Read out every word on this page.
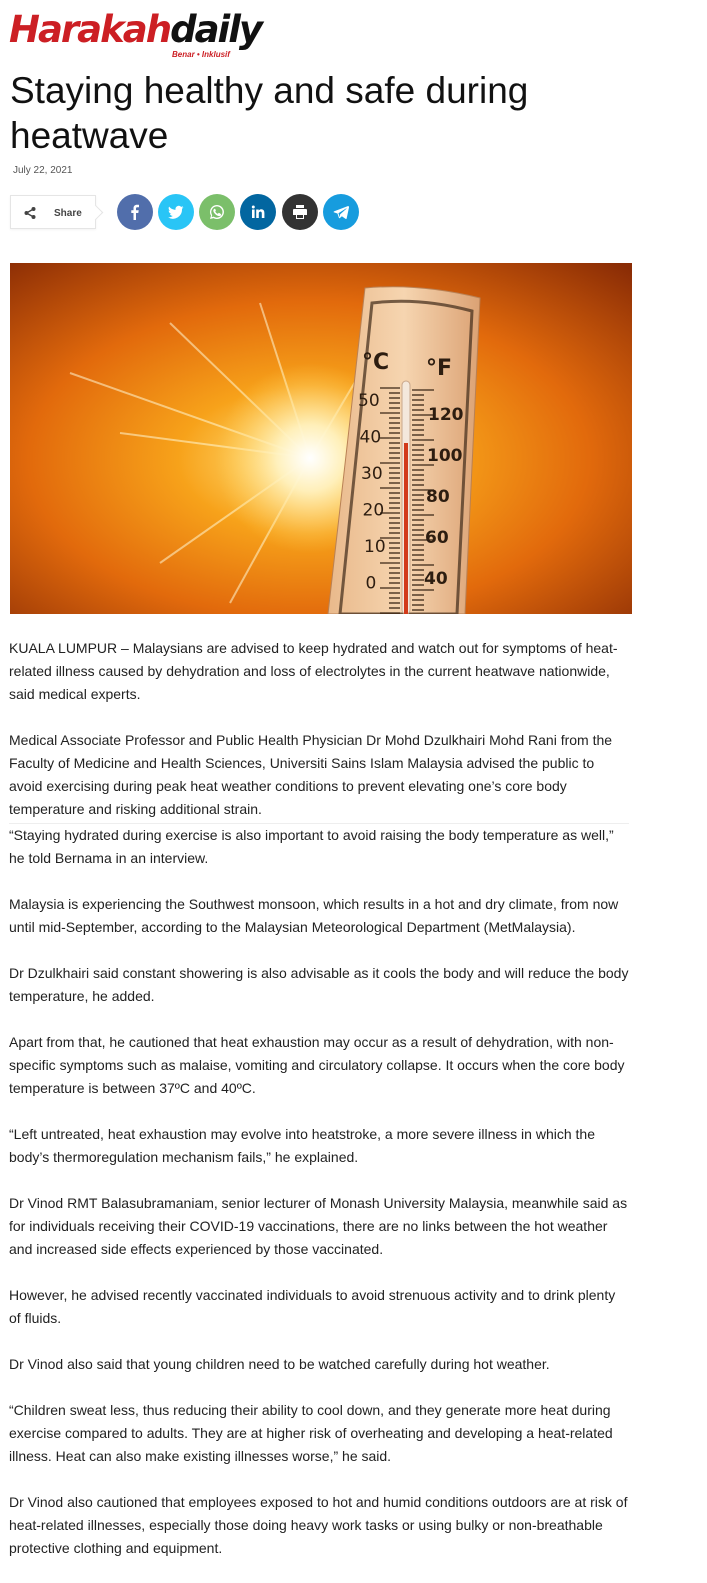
Harakahdaily
Benar • Inklusif
Staying healthy and safe during heatwave
July 22, 2021
Share
°C °F
50
40
30
20
10
0
120
100
80
60
40

KUALA LUMPUR – Malaysians are advised to keep hydrated and watch out for symptoms of heat-related illness caused by dehydration and loss of electrolytes in the current heatwave nationwide, said medical experts.

Medical Associate Professor and Public Health Physician Dr Mohd Dzulkhairi Mohd Rani from the Faculty of Medicine and Health Sciences, Universiti Sains Islam Malaysia advised the public to avoid exercising during peak heat weather conditions to prevent elevating one’s core body temperature and risking additional strain.

“Staying hydrated during exercise is also important to avoid raising the body temperature as well,” he told Bernama in an interview.

Malaysia is experiencing the Southwest monsoon, which results in a hot and dry climate, from now until mid-September, according to the Malaysian Meteorological Department (MetMalaysia).

Dr Dzulkhairi said constant showering is also advisable as it cools the body and will reduce the body temperature, he added.

Apart from that, he cautioned that heat exhaustion may occur as a result of dehydration, with non-specific symptoms such as malaise, vomiting and circulatory collapse. It occurs when the core body temperature is between 37ºC and 40ºC.

“Left untreated, heat exhaustion may evolve into heatstroke, a more severe illness in which the body’s thermoregulation mechanism fails,” he explained.

Dr Vinod RMT Balasubramaniam, senior lecturer of Monash University Malaysia, meanwhile said as for individuals receiving their COVID-19 vaccinations, there are no links between the hot weather and increased side effects experienced by those vaccinated.

However, he advised recently vaccinated individuals to avoid strenuous activity and to drink plenty of fluids.

Dr Vinod also said that young children need to be watched carefully during hot weather.

“Children sweat less, thus reducing their ability to cool down, and they generate more heat during exercise compared to adults. They are at higher risk of overheating and developing a heat-related illness. Heat can also make existing illnesses worse,” he said.

Dr Vinod also cautioned that employees exposed to hot and humid conditions outdoors are at risk of heat-related illnesses, especially those doing heavy work tasks or using bulky or non-breathable protective clothing and equipment.
